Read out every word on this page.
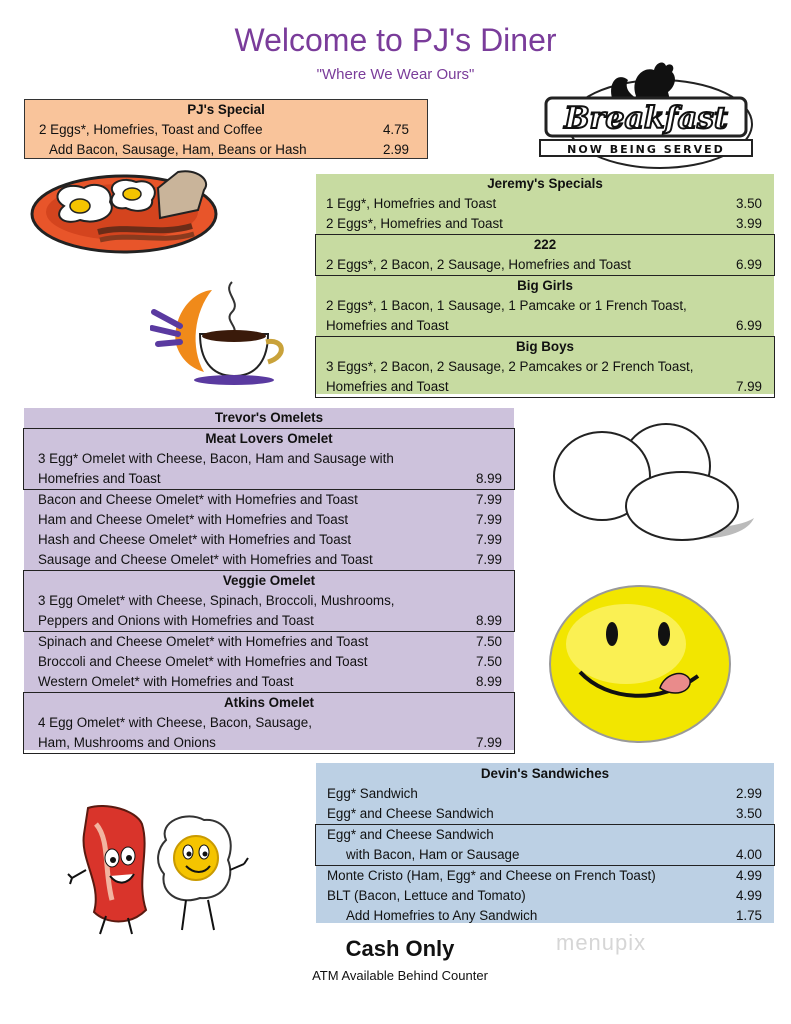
Welcome to PJ's Diner
"Where We Wear Ours"
PJ's Special
2 Eggs*, Homefries, Toast and Coffee	4.75
Add Bacon, Sausage, Ham, Beans or Hash	2.99
Breakfast
NOW BEING SERVED
Jeremy's Specials
1 Egg*, Homefries and Toast	3.50
2 Eggs*, Homefries and Toast	3.99
222
2 Eggs*, 2 Bacon, 2 Sausage, Homefries and Toast	6.99
Big Girls
2 Eggs*, 1 Bacon, 1 Sausage, 1 Pamcake or 1 French Toast,
Homefries and Toast	6.99
Big Boys
3 Eggs*, 2 Bacon, 2 Sausage, 2 Pamcakes or 2 French Toast,
Homefries and Toast	7.99
Trevor's Omelets
Meat Lovers Omelet
3 Egg* Omelet with Cheese, Bacon, Ham and Sausage with
Homefries and Toast	8.99
Bacon and Cheese Omelet* with Homefries and Toast	7.99
Ham and Cheese Omelet* with Homefries and Toast	7.99
Hash and Cheese Omelet* with Homefries and Toast	7.99
Sausage and Cheese Omelet* with Homefries and Toast	7.99
Veggie Omelet
3 Egg Omelet* with Cheese, Spinach, Broccoli, Mushrooms,
Peppers and Onions with Homefries and Toast	8.99
Spinach and Cheese Omelet* with Homefries and Toast	7.50
Broccoli and Cheese Omelet* with Homefries and Toast	7.50
Western Omelet* with Homefries and Toast	8.99
Atkins Omelet
4 Egg Omelet* with Cheese, Bacon, Sausage,
Ham, Mushrooms and Onions	7.99
Devin's Sandwiches
Egg* Sandwich	2.99
Egg* and Cheese Sandwich	3.50
Egg* and Cheese Sandwich
with Bacon, Ham or Sausage	4.00
Monte Cristo (Ham, Egg* and Cheese on French Toast)	4.99
BLT (Bacon, Lettuce and Tomato)	4.99
Add Homefries to Any Sandwich	1.75
Cash Only
ATM Available Behind Counter
menupix
